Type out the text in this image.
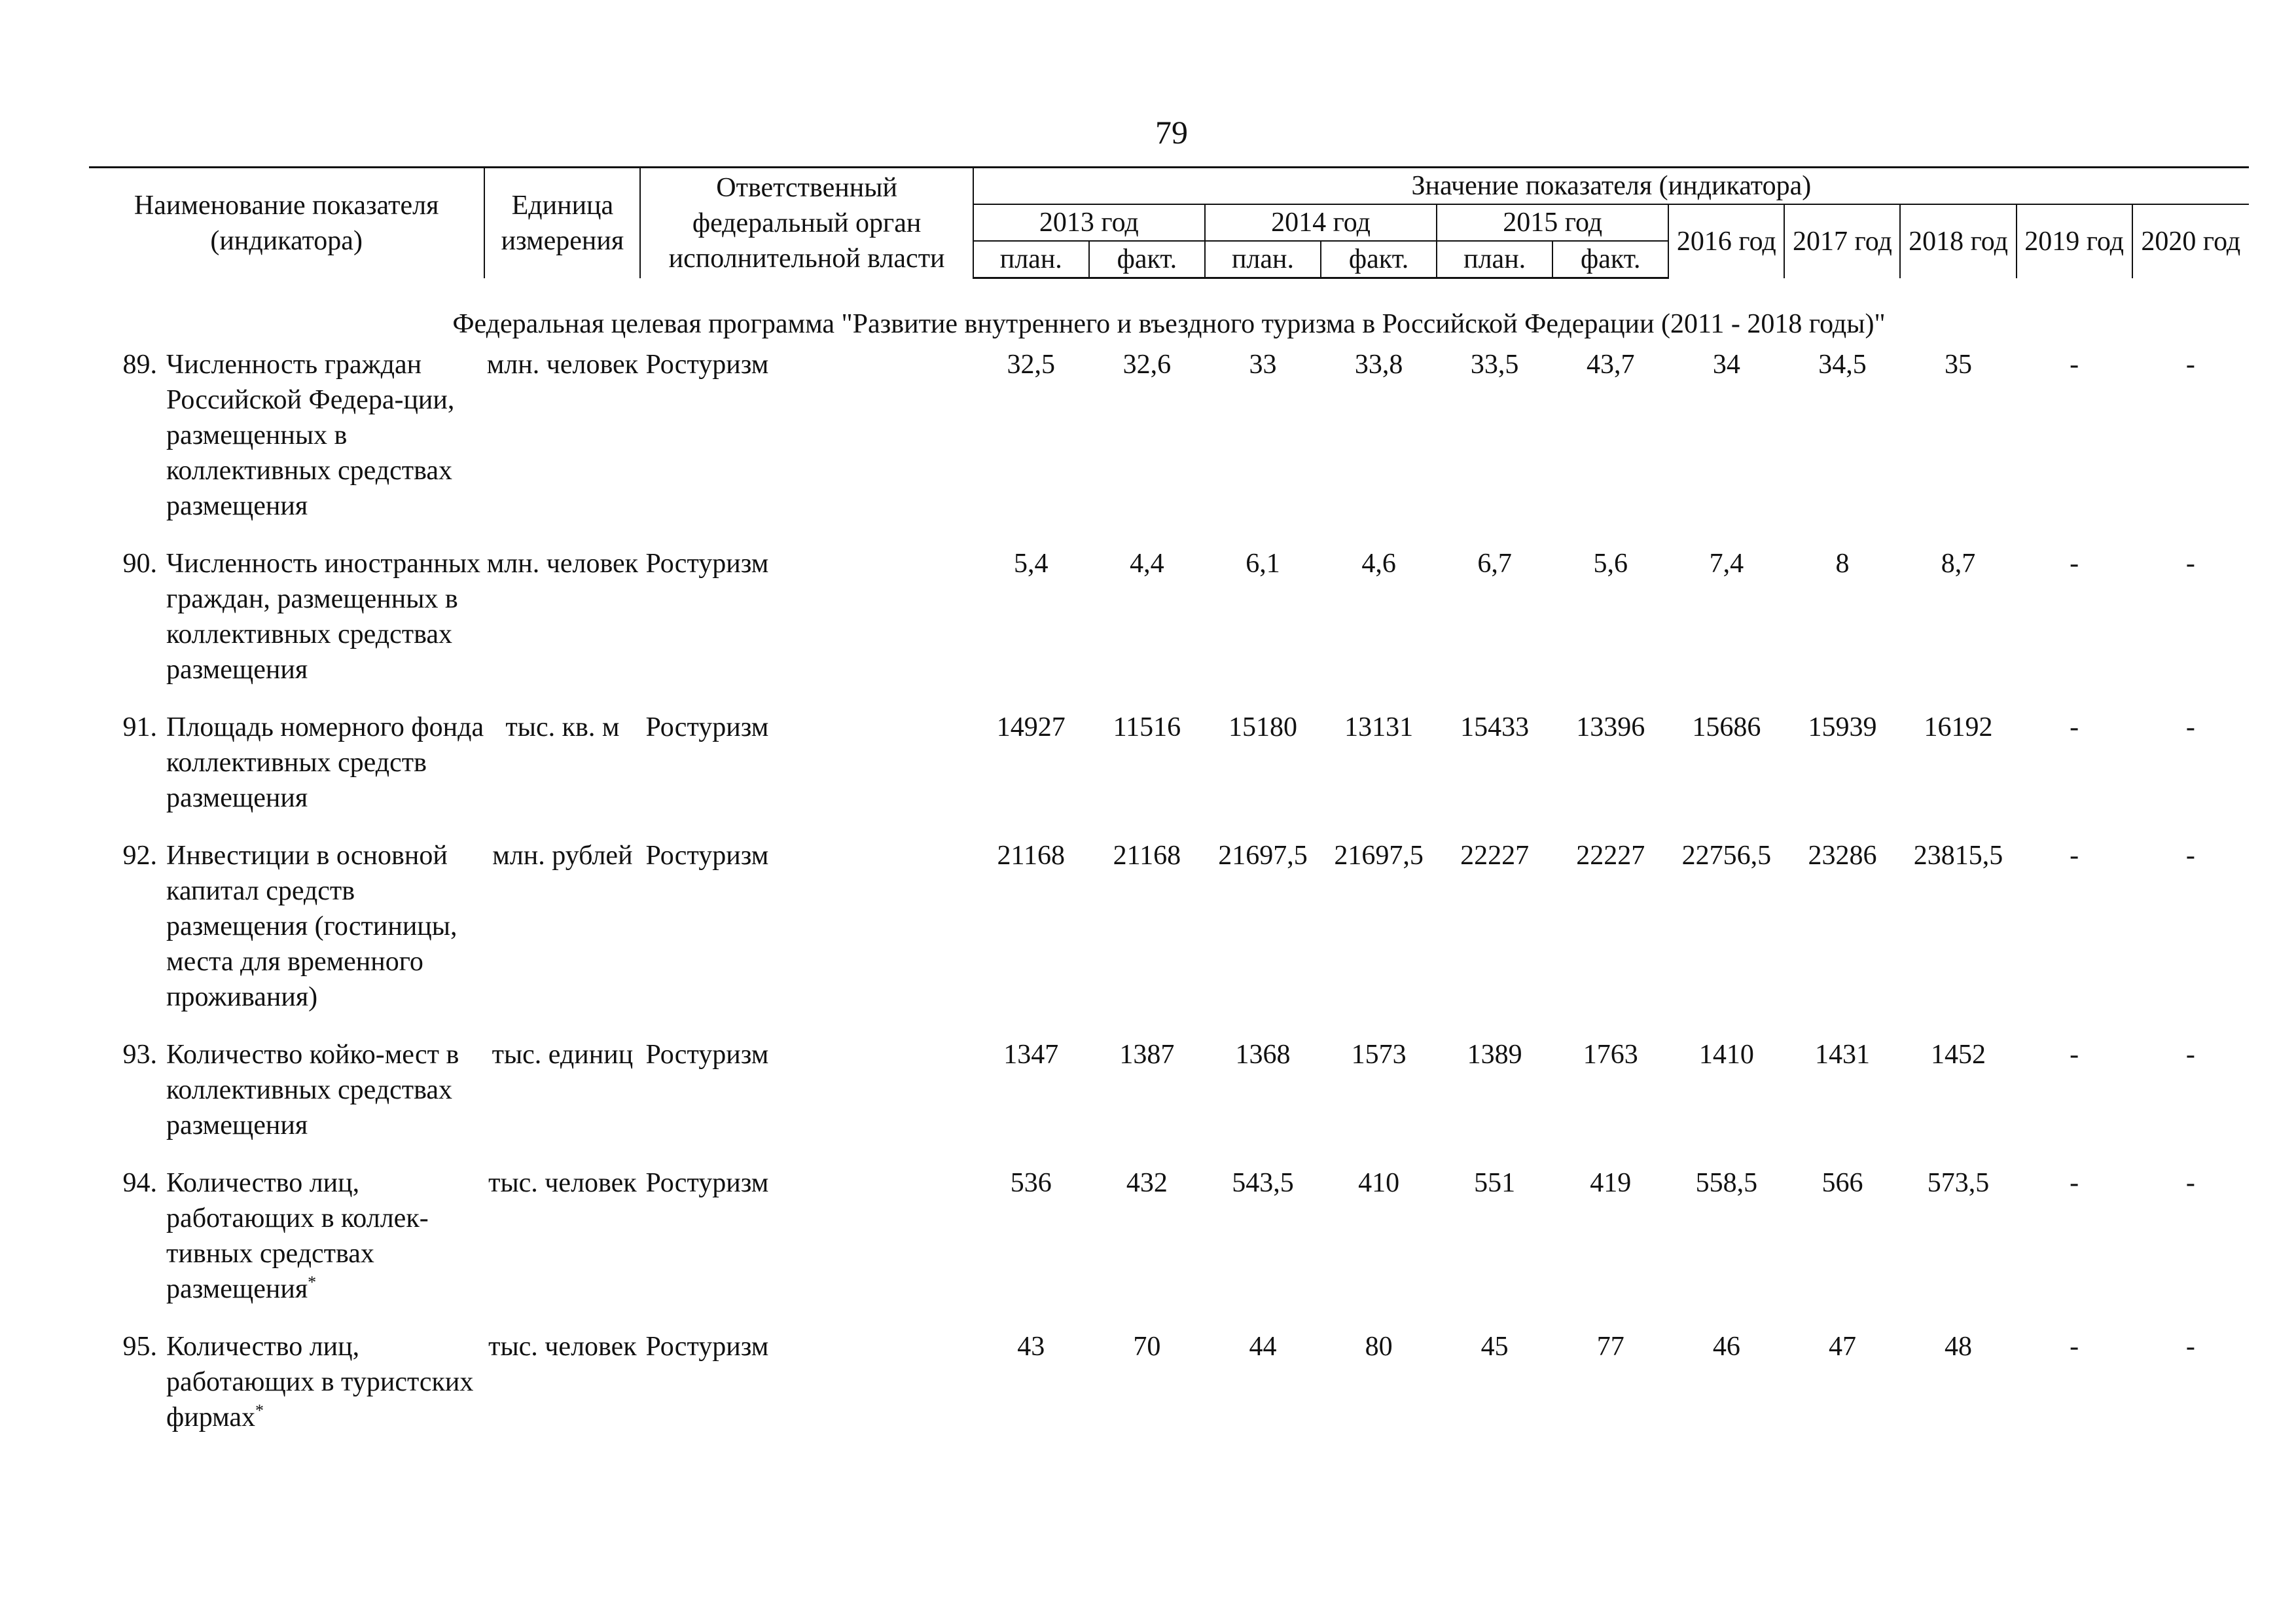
79
Наименование показателя (индикатора)		Единица измерения	Ответственный федеральный орган исполнительной власти	Значение показателя (индикатора)										
				2013 год		2014 год		2015 год		2016 год	2017 год	2018 год	2019 год	2020 год
				план.	факт.	план.	факт.	план.	факт.					
Федеральная целевая программа "Развитие внутреннего и въездного туризма в Российской Федерации (2011 - 2018 годы)"														
89.	Численность граждан Российской Федера-ции, размещенных в коллективных средствах размещения	млн. человек	Ростуризм	32,5	32,6	33	33,8	33,5	43,7	34	34,5	35	-	-
90.	Численность иностранных граждан, размещенных в коллективных средствах размещения	млн. человек	Ростуризм	5,4	4,4	6,1	4,6	6,7	5,6	7,4	8	8,7	-	-
91.	Площадь номерного фонда коллективных средств размещения	тыс. кв. м	Ростуризм	14927	11516	15180	13131	15433	13396	15686	15939	16192	-	-
92.	Инвестиции в основной капитал средств размещения (гостиницы, места для временного проживания)	млн. рублей	Ростуризм	21168	21168	21697,5	21697,5	22227	22227	22756,5	23286	23815,5	-	-
93.	Количество койко-мест в коллективных средствах размещения	тыс. единиц	Ростуризм	1347	1387	1368	1573	1389	1763	1410	1431	1452	-	-
94.	Количество лиц, работающих в коллек-тивных средствах размещения*	тыс. человек	Ростуризм	536	432	543,5	410	551	419	558,5	566	573,5	-	-
95.	Количество лиц, работающих в туристских фирмах*	тыс. человек	Ростуризм	43	70	44	80	45	77	46	47	48	-	-
